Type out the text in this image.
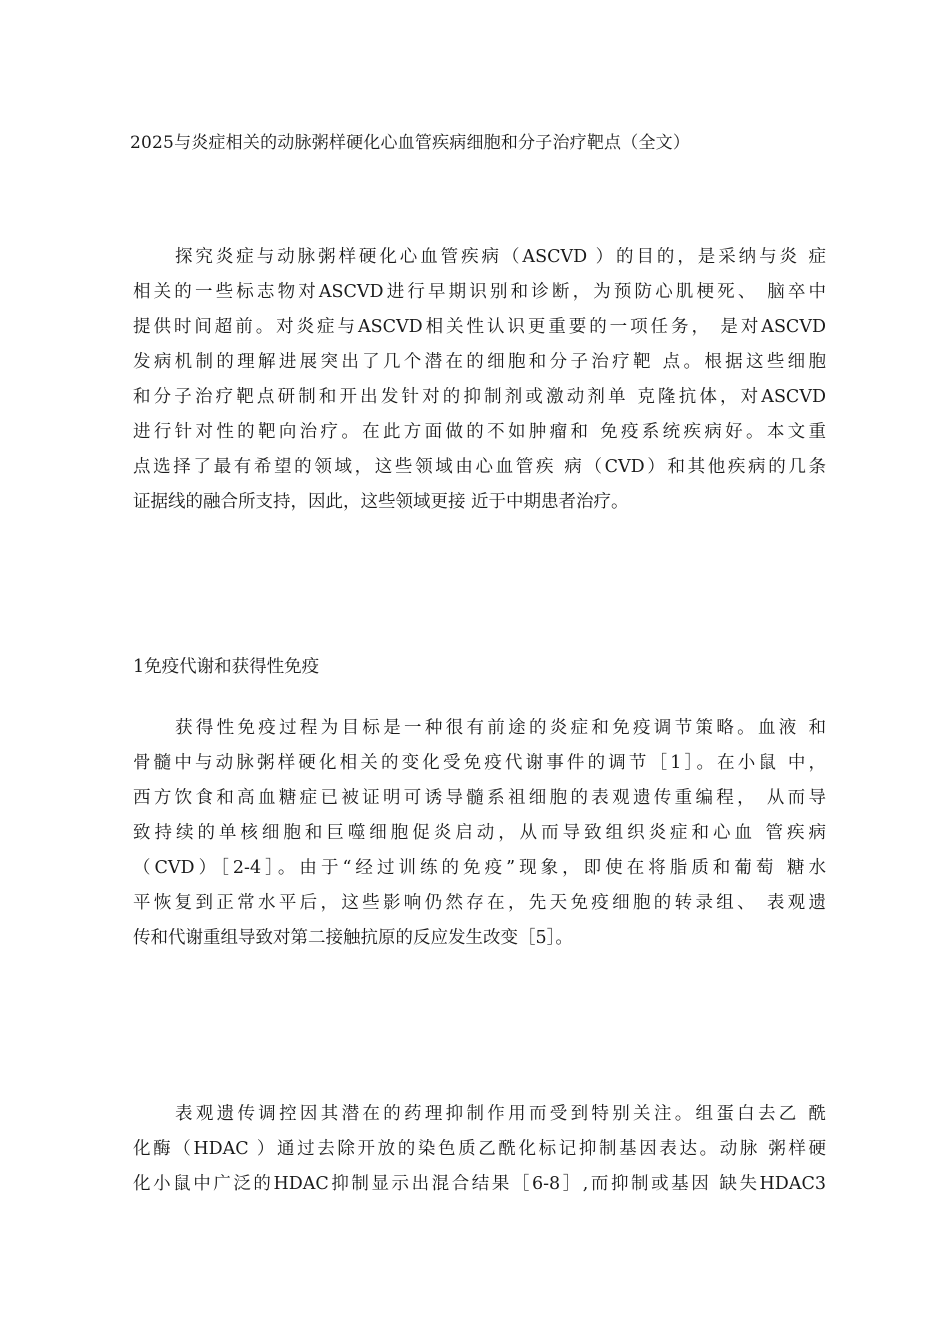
2025与炎症相关的动脉粥样硬化心血管疾病细胞和分子治疗靶点（全文）
探究炎症与动脉粥样硬化心血管疾病（ASCVD ）的目的，是采纳与炎 症
相关的一些标志物对ASCVD进行早期识别和诊断，为预防心肌梗死、 脑卒中
提供时间超前。对炎症与ASCVD相关性认识更重要的一项任务， 是对ASCVD
发病机制的理解进展突出了几个潜在的细胞和分子治疗靶 点。根据这些细胞
和分子治疗靶点研制和开出发针对的抑制剂或激动剂单 克隆抗体，对ASCVD
进行针对性的靶向治疗。在此方面做的不如肿瘤和 免疫系统疾病好。本文重
点选择了最有希望的领域，这些领域由心血管疾 病（CVD）和其他疾病的几条
证据线的融合所支持，因此，这些领域更接 近于中期患者治疗。
1免疫代谢和获得性免疫
获得性免疫过程为目标是一种很有前途的炎症和免疫调节策略。血液 和
骨髓中与动脉粥样硬化相关的变化受免疫代谢事件的调节［1］。在小鼠 中，
西方饮食和高血糖症已被证明可诱导髓系祖细胞的表观遗传重编程， 从而导
致持续的单核细胞和巨噬细胞促炎启动，从而导致组织炎症和心血 管疾病
（CVD）［2-4］。由于“经过训练的免疫”现象，即使在将脂质和葡萄 糖水
平恢复到正常水平后，这些影响仍然存在，先天免疫细胞的转录组、 表观遗
传和代谢重组导致对第二接触抗原的反应发生改变［5］。
表观遗传调控因其潜在的药理抑制作用而受到特别关注。组蛋白去乙 酰
化酶（HDAC ）通过去除开放的染色质乙酰化标记抑制基因表达。动脉 粥样硬
化小鼠中广泛的HDAC抑制显示出混合结果［6-8］,而抑制或基因 缺失HDAC3
